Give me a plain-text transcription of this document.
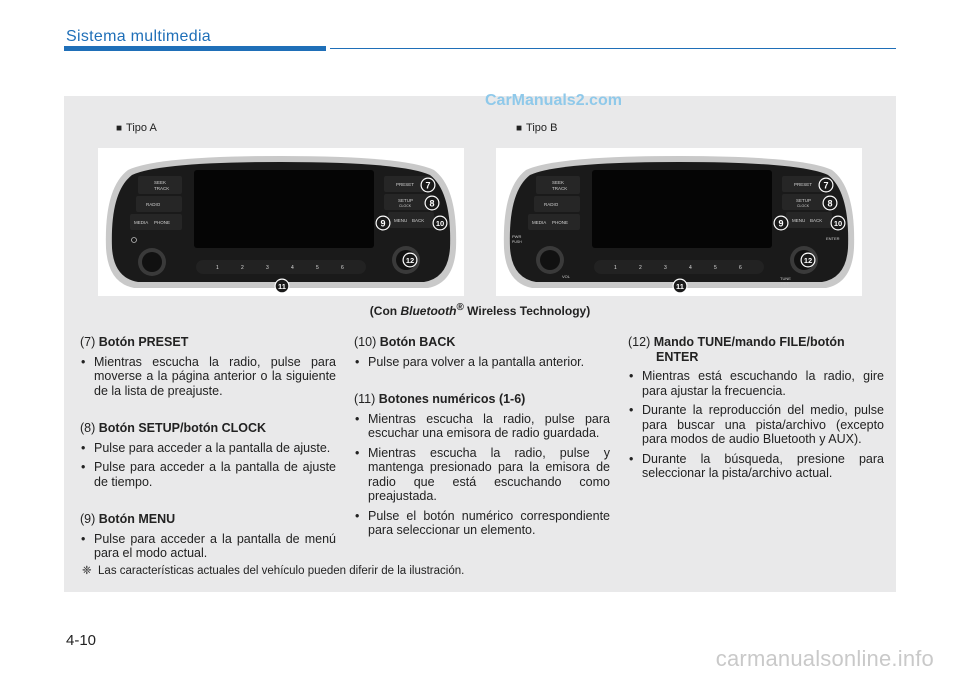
Sistema multimedia
CarManuals2.com
■ Tipo A	■ Tipo B
SEEK
TRACK
RADIO
MEDIA PHONE
PRESET
SETUP
CLOCK
MENU BACK
1	2	3	4	5	6
7
8
9	10
11
12
SEEK
TRACK
RADIO
MEDIA PHONE
PWR
PUSH
VOL
PRESET
SETUP
CLOCK
MENU BACK
ENTER
TUNE
FILE
1	2	3	4	5	6
7
8
9	10
11
12
(Con Bluetooth® Wireless Technology)
(7) Botón PRESET
• Mientras escucha la radio, pulse para moverse a la página anterior o la siguiente de la lista de preajuste.
(8) Botón SETUP/botón CLOCK
• Pulse para acceder a la pantalla de ajuste.
• Pulse para acceder a la pantalla de ajuste de tiempo.
(9) Botón MENU
• Pulse para acceder a la pantalla de menú para el modo actual.
(10) Botón BACK
• Pulse para volver a la pantalla anterior.
(11) Botones numéricos (1-6)
• Mientras escucha la radio, pulse para escuchar una emisora de radio guardada.
• Mientras escucha la radio, pulse y mantenga presionado para la emisora de radio que está escuchando como preajustada.
• Pulse el botón numérico correspondiente para seleccionar un elemento.
(12) Mando TUNE/mando FILE/botón ENTER
• Mientras está escuchando la radio, gire para ajustar la frecuencia.
• Durante la reproducción del medio, pulse para buscar una pista/archivo (excepto para modos de audio Bluetooth y AUX).
• Durante la búsqueda, presione para seleccionar la pista/archivo actual.
❈ Las características actuales del vehículo pueden diferir de la ilustración.
4-10
carmanualsonline.info
